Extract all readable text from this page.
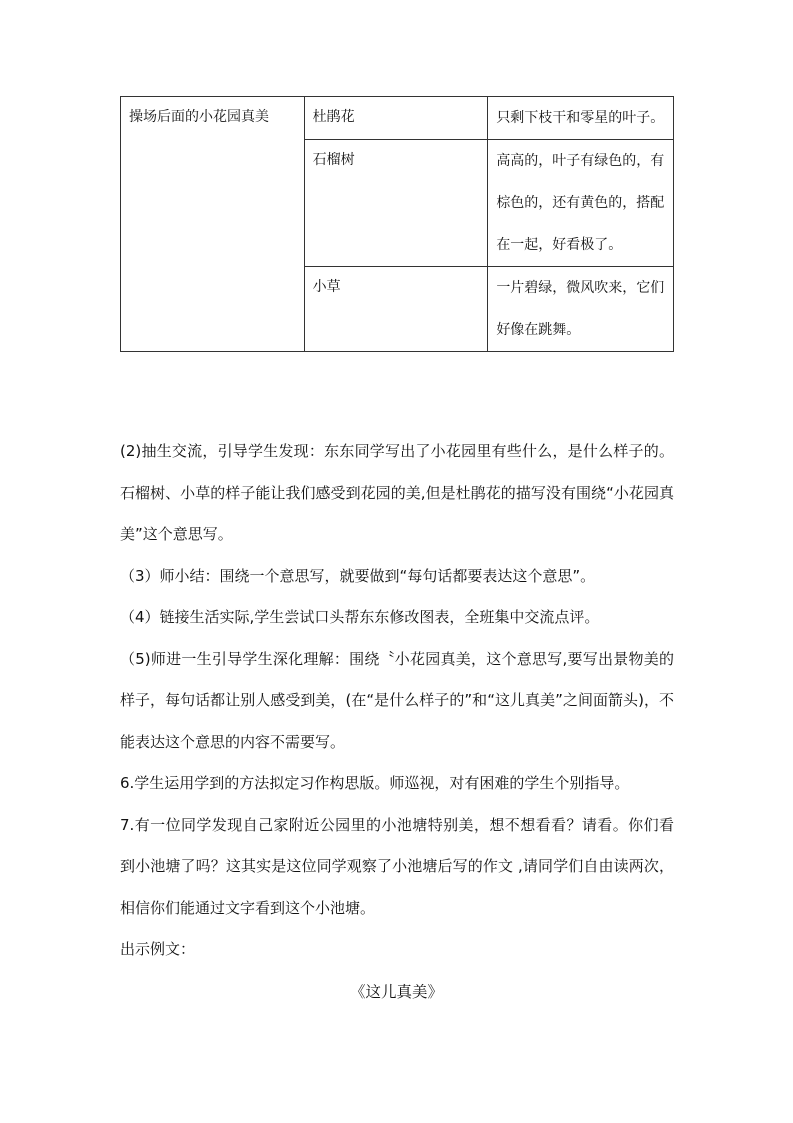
操场后面的小花园真美	杜鹃花	只剩下枝干和零星的叶子。
	石榴树	高高的，叶子有绿色的，有棕色的，还有黄色的，搭配在一起，好看极了。
	小草	一片碧绿，微风吹来，它们好像在跳舞。

(2)抽生交流，引导学生发现：东东同学写出了小花园里有些什么，是什么样子的。石榴树、小草的样子能让我们感受到花园的美,但是杜鹃花的描写没有围绕“小花园真美”这个意思写。

（3）师小结：围绕一个意思写，就要做到“每句话都要表达这个意思”。

（4）链接生活实际,学生尝试口头帮东东修改图表，全班集中交流点评。

（5)师进一生引导学生深化理解：围绕〝小花园真美，这个意思写,要写出景物美的样子，每句话都让别人感受到美，(在“是什么样子的”和“这儿真美”之间面箭头)，不能表达这个意思的内容不需要写。

6.学生运用学到的方法拟定习作构思版。师巡视，对有困难的学生个别指导。

7.有一位同学发现自己家附近公园里的小池塘特别美，想不想看看？请看。你们看到小池塘了吗？这其实是这位同学观察了小池塘后写的作文 ,请同学们自由读两次，相信你们能通过文字看到这个小池塘。

出示例文：

《这儿真美》
